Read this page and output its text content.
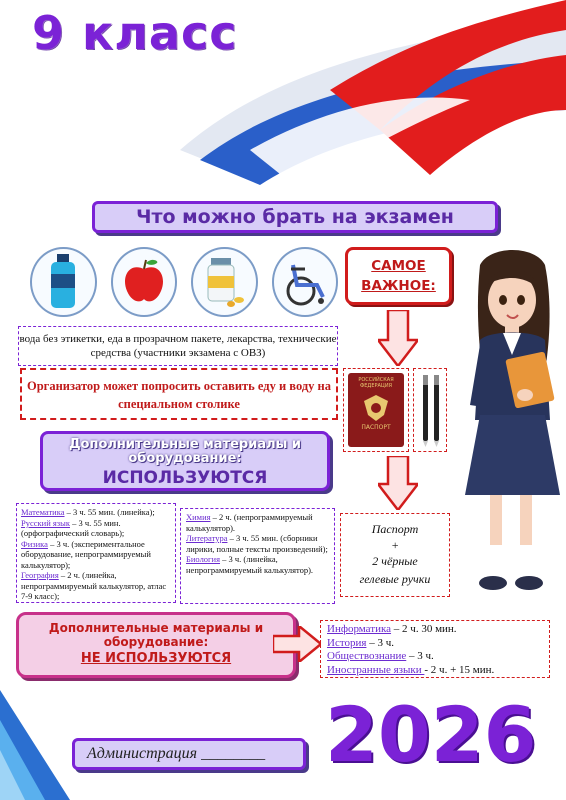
9 класс
Что можно брать на экзамен
вода без этикетки, еда в прозрачном пакете, лекарства, технические средства (участники экзамена с ОВЗ)
Организатор может попросить оставить еду и воду на специальном столике
САМОЕ
ВАЖНОЕ:
РОССИЙСКАЯ
ФЕДЕРАЦИЯ
ПАСПОРТ
Паспорт
+
2 чёрные
гелевые ручки
Дополнительные материалы и оборудование:
ИСПОЛЬЗУЮТСЯ
Математика – 3 ч. 55 мин. (линейка);
Русский язык – 3 ч. 55 мин. (орфографический словарь);
Физика – 3 ч. (экспериментальное оборудование, непрограммируемый калькулятор);
География – 2 ч. (линейка, непрограммируемый калькулятор, атлас 7-9 класс);
Химия – 2 ч. (непрограммируемый калькулятор).
Литература – 3 ч. 55 мин. (сборники лирики, полные тексты произведений);
Биология – 3 ч. (линейка, непрограммируемый калькулятор).
Дополнительные материалы и оборудование:
НЕ ИСПОЛЬЗУЮТСЯ
Информатика – 2 ч. 30 мин.
История – 3 ч.
Обществознание – 3 ч.
Иностранные языки - 2 ч. + 15 мин.
Администрация ________ 2026
